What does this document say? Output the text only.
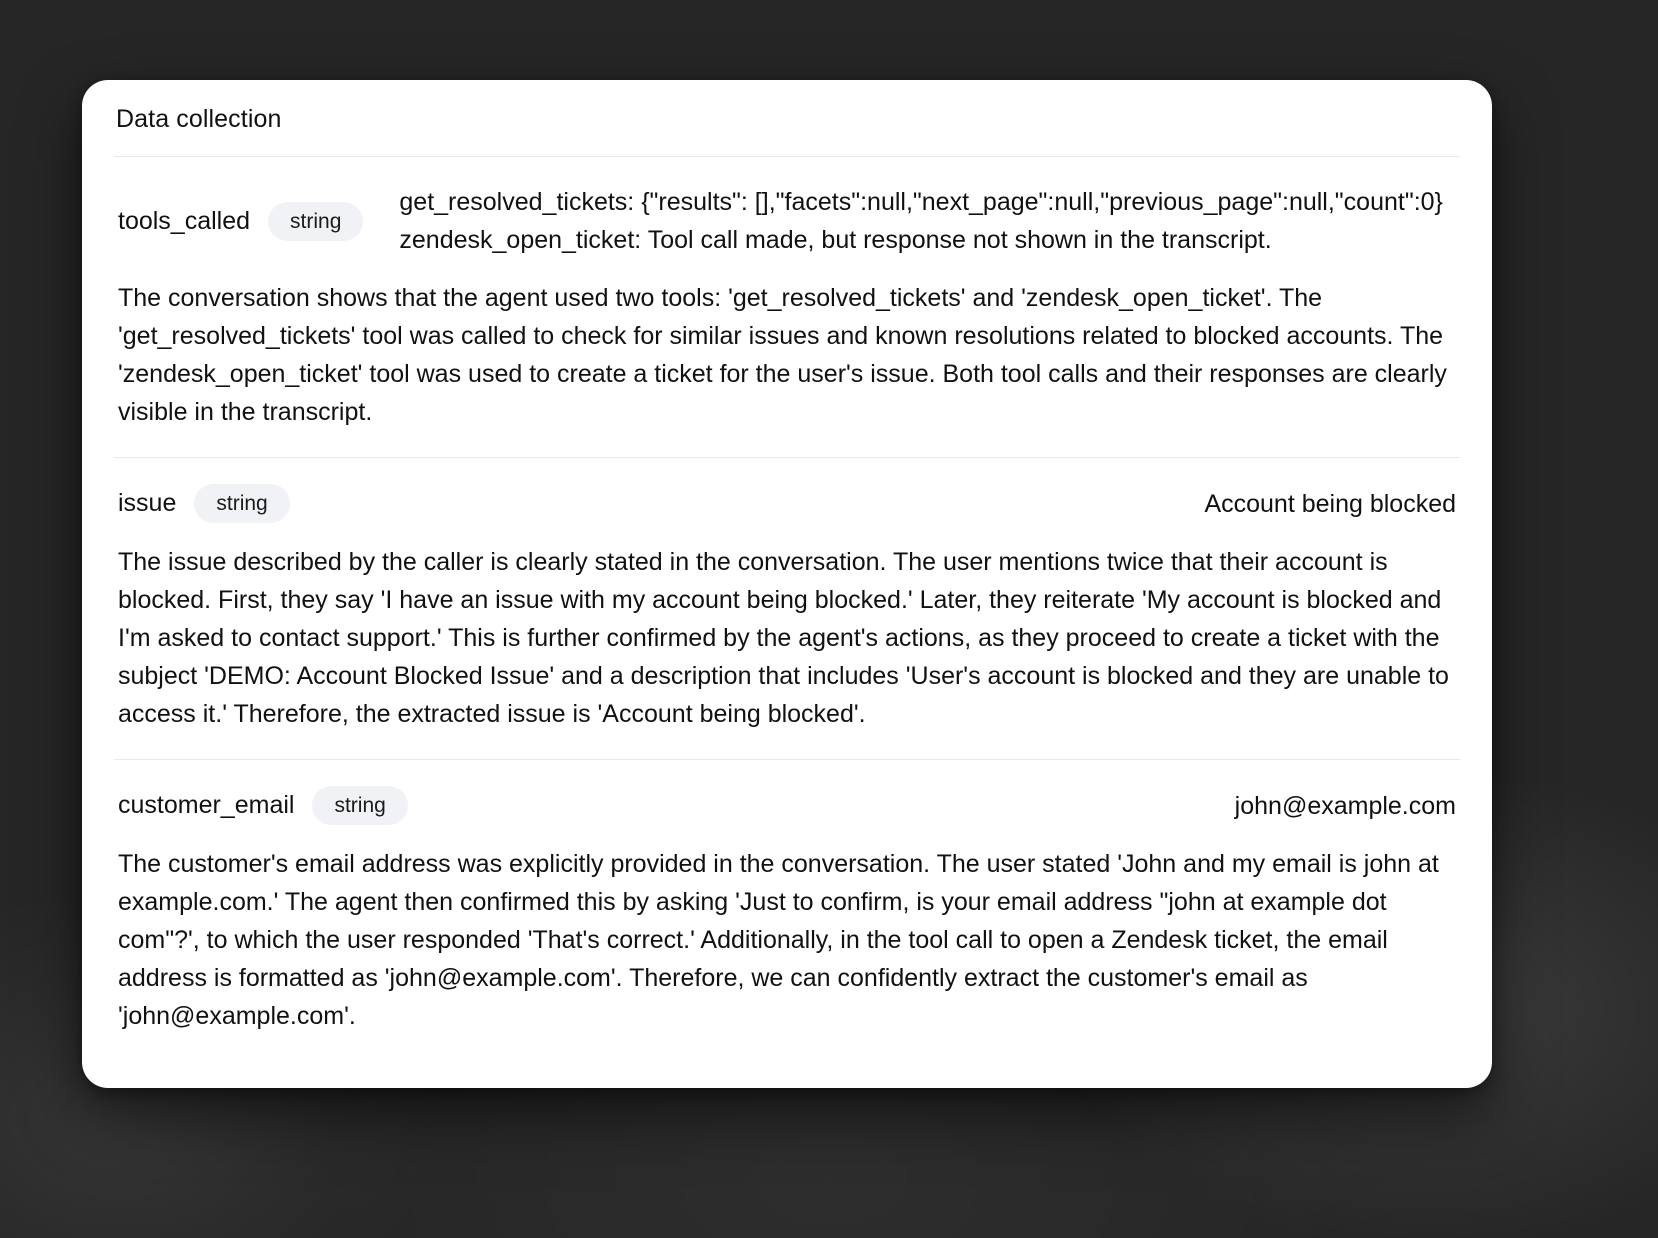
Data collection
tools_called	string
get_resolved_tickets: {"results": [],"facets":null,"next_page":null,"previous_page":null,"count":0} zendesk_open_ticket: Tool call made, but response not shown in the transcript.
The conversation shows that the agent used two tools: 'get_resolved_tickets' and 'zendesk_open_ticket'. The 'get_resolved_tickets' tool was called to check for similar issues and known resolutions related to blocked accounts. The 'zendesk_open_ticket' tool was used to create a ticket for the user's issue. Both tool calls and their responses are clearly visible in the transcript.
issue	string	Account being blocked
The issue described by the caller is clearly stated in the conversation. The user mentions twice that their account is blocked. First, they say 'I have an issue with my account being blocked.' Later, they reiterate 'My account is blocked and I'm asked to contact support.' This is further confirmed by the agent's actions, as they proceed to create a ticket with the subject 'DEMO: Account Blocked Issue' and a description that includes 'User's account is blocked and they are unable to access it.' Therefore, the extracted issue is 'Account being blocked'.
customer_email	string	john@example.com
The customer's email address was explicitly provided in the conversation. The user stated 'John and my email is john at example.com.' The agent then confirmed this by asking 'Just to confirm, is your email address "john at example dot com"?', to which the user responded 'That's correct.' Additionally, in the tool call to open a Zendesk ticket, the email address is formatted as 'john@example.com'. Therefore, we can confidently extract the customer's email as 'john@example.com'.
